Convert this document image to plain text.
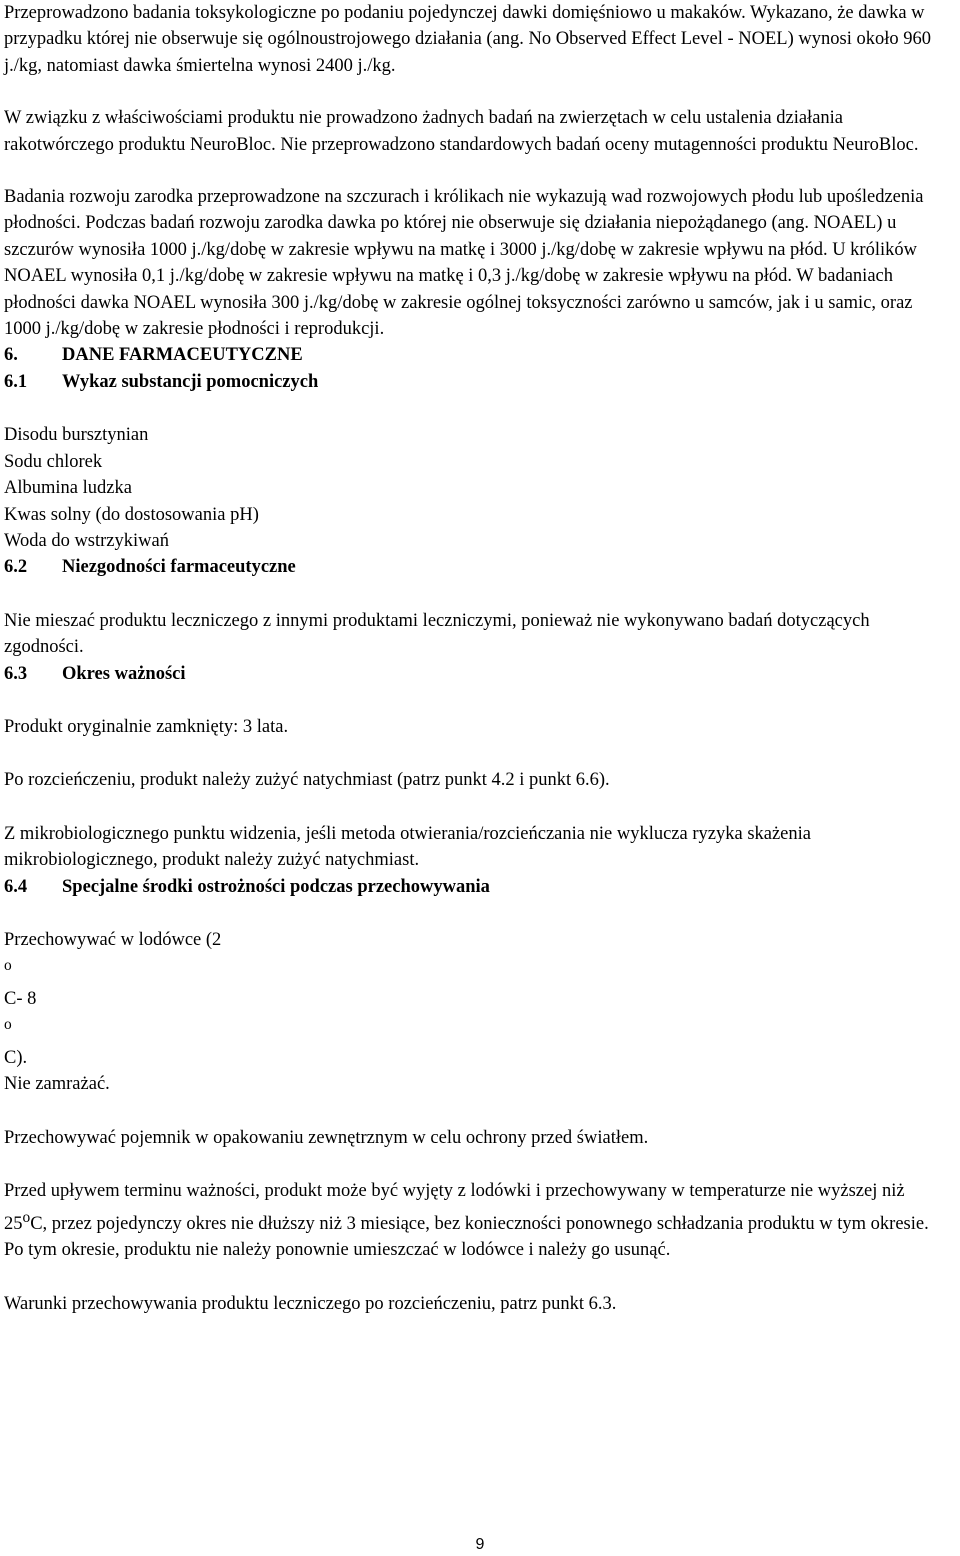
Przeprowadzono badania toksykologiczne po podaniu pojedynczej dawki domięśniowo u makaków. Wykazano, że dawka w przypadku której nie obserwuje się ogólnoustrojowego działania (ang. No Observed Effect Level - NOEL) wynosi około 960 j./kg, natomiast dawka śmiertelna wynosi 2400 j./kg.

W związku z właściwościami produktu nie prowadzono żadnych badań na zwierzętach w celu ustalenia działania rakotwórczego produktu NeuroBloc. Nie przeprowadzono standardowych badań oceny mutagenności produktu NeuroBloc.

Badania rozwoju zarodka przeprowadzone na szczurach i królikach nie wykazują wad rozwojowych płodu lub upośledzenia płodności. Podczas badań rozwoju zarodka dawka po której nie obserwuje się działania niepożądanego (ang. NOAEL) u szczurów wynosiła 1000 j./kg/dobę w zakresie wpływu na matkę i 3000 j./kg/dobę w zakresie wpływu na płód. U królików NOAEL wynosiła 0,1 j./kg/dobę w zakresie wpływu na matkę i 0,3 j./kg/dobę w zakresie wpływu na płód. W badaniach płodności dawka NOAEL wynosiła 300 j./kg/dobę w zakresie ogólnej toksyczności zarówno u samców, jak i u samic, oraz 1000 j./kg/dobę w zakresie płodności i reprodukcji.

6. DANE FARMACEUTYCZNE

6.1 Wykaz substancji pomocniczych

Disodu bursztynian
Sodu chlorek
Albumina ludzka
Kwas solny (do dostosowania pH)
Woda do wstrzykiwań

6.2 Niezgodności farmaceutyczne

Nie mieszać produktu leczniczego z innymi produktami leczniczymi, ponieważ nie wykonywano badań dotyczących zgodności.

6.3 Okres ważności

Produkt oryginalnie zamknięty: 3 lata.

Po rozcieńczeniu, produkt należy zużyć natychmiast (patrz punkt 4.2 i punkt 6.6).

Z mikrobiologicznego punktu widzenia, jeśli metoda otwierania/rozcieńczania nie wyklucza ryzyka skażenia mikrobiologicznego, produkt należy zużyć natychmiast.

6.4 Specjalne środki ostrożności podczas przechowywania

Przechowywać w lodówce (2
$^o$
C- 8
$^o$
C).
Nie zamrażać.

Przechowywać pojemnik w opakowaniu zewnętrznym w celu ochrony przed światłem.

Przed upływem terminu ważności, produkt może być wyjęty z lodówki i przechowywany w temperaturze nie wyższej niż 25$^o$C, przez pojedynczy okres nie dłuższy niż 3 miesiące, bez konieczności ponownego schładzania produktu w tym okresie. Po tym okresie, produktu nie należy ponownie umieszczać w lodówce i należy go usunąć.

Warunki przechowywania produktu leczniczego po rozcieńczeniu, patrz punkt 6.3.

9
